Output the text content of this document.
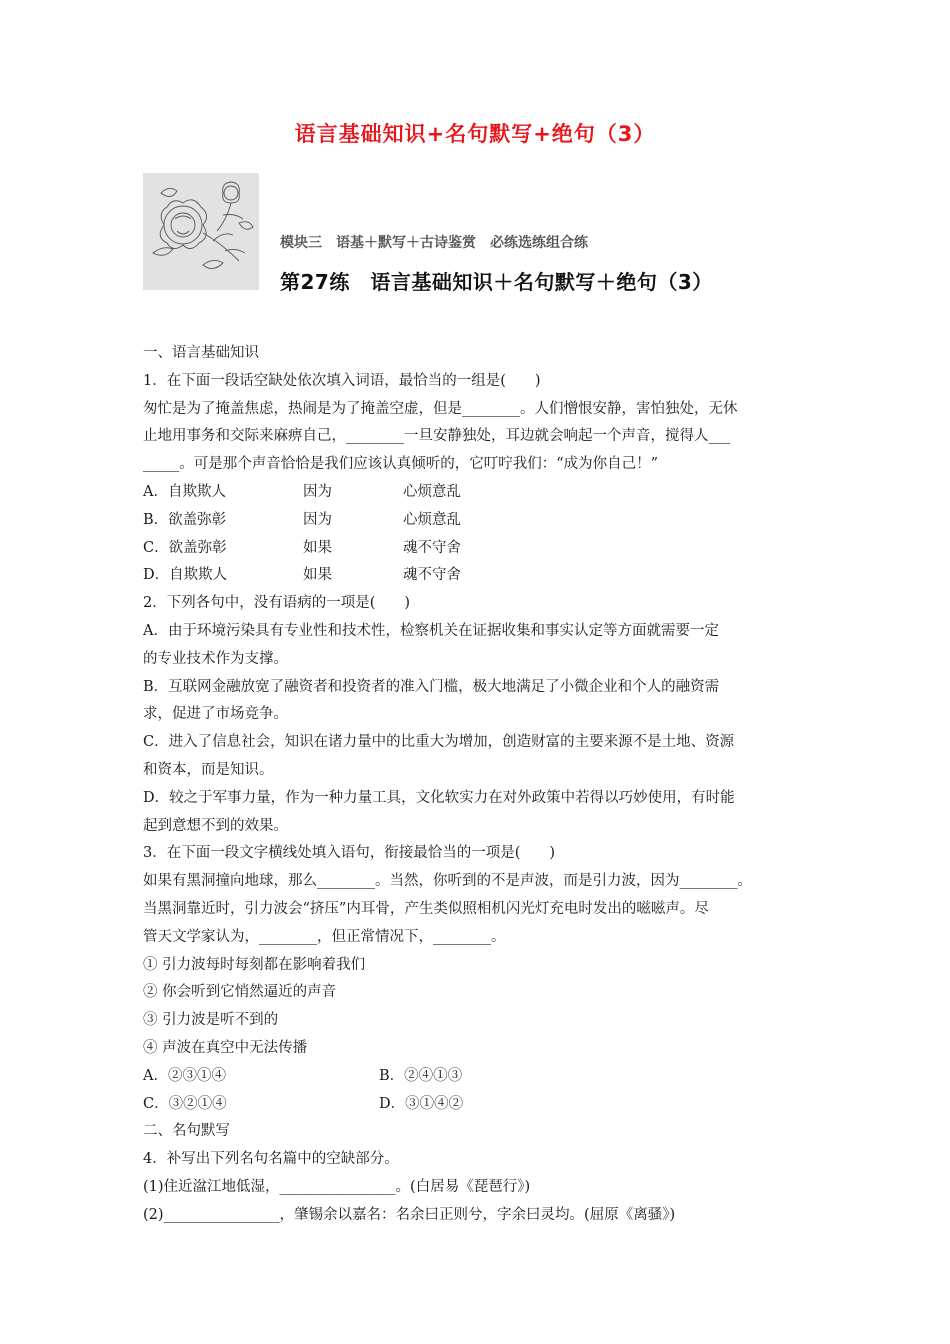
语言基础知识+名句默写+绝句（3）
模块三　语基＋默写＋古诗鉴赏　必练选练组合练
第27练　语言基础知识＋名句默写＋绝句（3）

一、语言基础知识

1．在下面一段话空缺处依次填入词语，最恰当的一组是(　　)

匆忙是为了掩盖焦虑，热闹是为了掩盖空虚，但是________。人们憎恨安静，害怕独处，无休

止地用事务和交际来麻痹自己，________一旦安静独处，耳边就会响起一个声音，搅得人___

_____。可是那个声音恰恰是我们应该认真倾听的，它叮咛我们：“成为你自己！”

A．自欺欺人	因为	心烦意乱
B．欲盖弥彰	因为	心烦意乱
C．欲盖弥彰	如果	魂不守舍
D．自欺欺人	如果	魂不守舍

2．下列各句中，没有语病的一项是(　　)

A．由于环境污染具有专业性和技术性，检察机关在证据收集和事实认定等方面就需要一定

的专业技术作为支撑。

B．互联网金融放宽了融资者和投资者的准入门槛，极大地满足了小微企业和个人的融资需

求，促进了市场竞争。

C．进入了信息社会，知识在诸力量中的比重大为增加，创造财富的主要来源不是土地、资源

和资本，而是知识。

D．较之于军事力量，作为一种力量工具，文化软实力在对外政策中若得以巧妙使用，有时能

起到意想不到的效果。

3．在下面一段文字横线处填入语句，衔接最恰当的一项是(　　)

如果有黑洞撞向地球，那么________。当然，你听到的不是声波，而是引力波，因为________。

当黑洞靠近时，引力波会“挤压”内耳骨，产生类似照相机闪光灯充电时发出的嗞嗞声。尽

管天文学家认为，________，但正常情况下，________。

① 引力波每时每刻都在影响着我们

② 你会听到它悄然逼近的声音

③ 引力波是听不到的

④ 声波在真空中无法传播

A．②③①④	B．②④①③
C．③②①④	D．③①④②

二、名句默写

4．补写出下列名句名篇中的空缺部分。

(1)住近湓江地低湿，________________。(白居易《琵琶行》)

(2)________________，肇锡余以嘉名：名余曰正则兮，字余曰灵均。(屈原《离骚》)
